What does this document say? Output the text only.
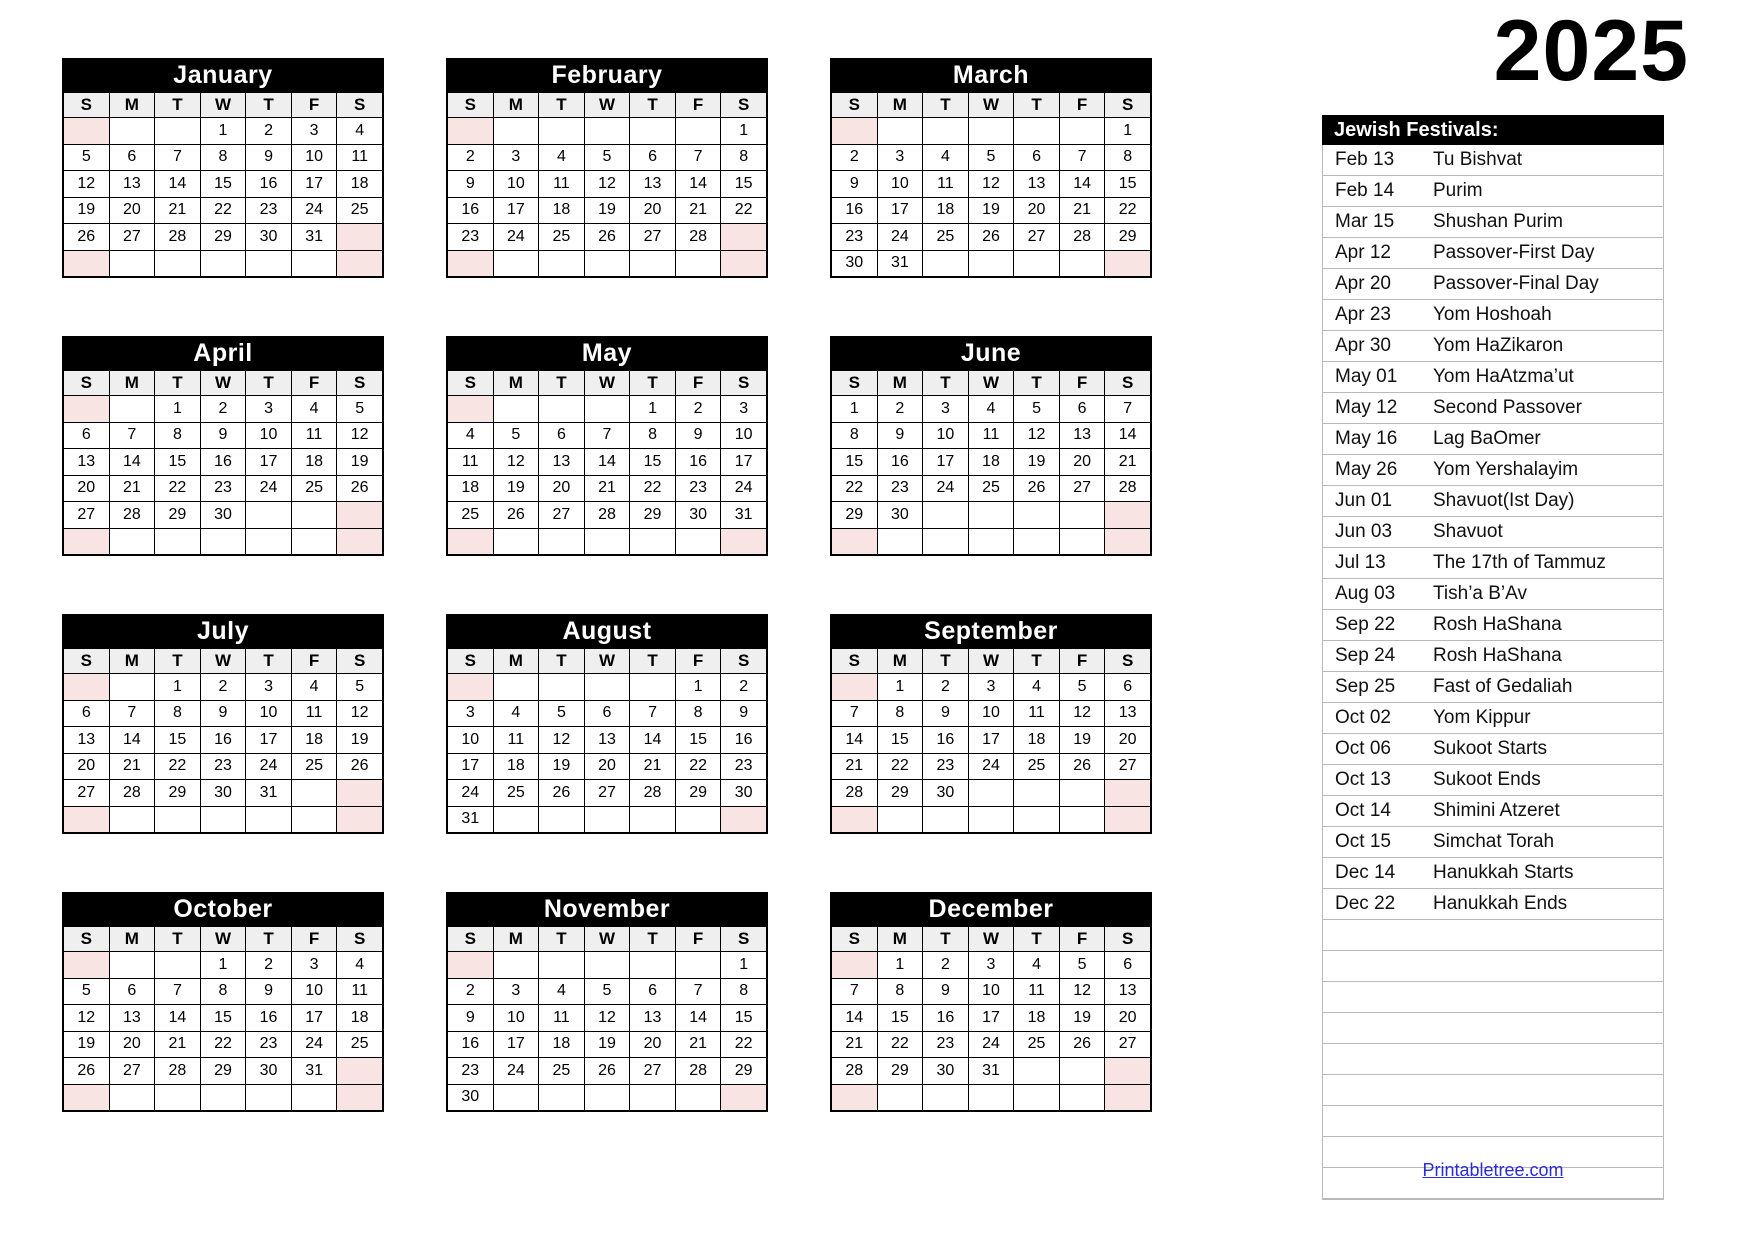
2025
January
S	M	T	W	T	F	S
			1	2	3	4
5	6	7	8	9	10	11
12	13	14	15	16	17	18
19	20	21	22	23	24	25
26	27	28	29	30	31	

February
S	M	T	W	T	F	S
						1
2	3	4	5	6	7	8
9	10	11	12	13	14	15
16	17	18	19	20	21	22
23	24	25	26	27	28	

March
S	M	T	W	T	F	S
						1
2	3	4	5	6	7	8
9	10	11	12	13	14	15
16	17	18	19	20	21	22
23	24	25	26	27	28	29
30	31					
April
S	M	T	W	T	F	S
		1	2	3	4	5
6	7	8	9	10	11	12
13	14	15	16	17	18	19
20	21	22	23	24	25	26
27	28	29	30			

May
S	M	T	W	T	F	S
				1	2	3
4	5	6	7	8	9	10
11	12	13	14	15	16	17
18	19	20	21	22	23	24
25	26	27	28	29	30	31

June
S	M	T	W	T	F	S
1	2	3	4	5	6	7
8	9	10	11	12	13	14
15	16	17	18	19	20	21
22	23	24	25	26	27	28
29	30					

July
S	M	T	W	T	F	S
		1	2	3	4	5
6	7	8	9	10	11	12
13	14	15	16	17	18	19
20	21	22	23	24	25	26
27	28	29	30	31		

August
S	M	T	W	T	F	S
					1	2
3	4	5	6	7	8	9
10	11	12	13	14	15	16
17	18	19	20	21	22	23
24	25	26	27	28	29	30
31						
September
S	M	T	W	T	F	S
	1	2	3	4	5	6
7	8	9	10	11	12	13
14	15	16	17	18	19	20
21	22	23	24	25	26	27
28	29	30				

October
S	M	T	W	T	F	S
			1	2	3	4
5	6	7	8	9	10	11
12	13	14	15	16	17	18
19	20	21	22	23	24	25
26	27	28	29	30	31	

November
S	M	T	W	T	F	S
						1
2	3	4	5	6	7	8
9	10	11	12	13	14	15
16	17	18	19	20	21	22
23	24	25	26	27	28	29
30						
December
S	M	T	W	T	F	S
	1	2	3	4	5	6
7	8	9	10	11	12	13
14	15	16	17	18	19	20
21	22	23	24	25	26	27
28	29	30	31			

Jewish Festivals:
Feb 13	Tu Bishvat
Feb 14	Purim
Mar 15	Shushan Purim
Apr 12	Passover-First Day
Apr 20	Passover-Final Day
Apr 23	Yom Hoshoah
Apr 30	Yom HaZikaron
May 01	Yom HaAtzma’ut
May 12	Second Passover
May 16	Lag BaOmer
May 26	Yom Yershalayim
Jun 01	Shavuot(Ist Day)
Jun 03	Shavuot
Jul 13	The 17th of Tammuz
Aug 03	Tish’a B’Av
Sep 22	Rosh HaShana
Sep 24	Rosh HaShana
Sep 25	Fast of Gedaliah
Oct 02	Yom Kippur
Oct 06	Sukoot Starts
Oct 13	Sukoot Ends
Oct 14	Shimini Atzeret
Oct 15	Simchat Torah
Dec 14	Hanukkah Starts
Dec 22	Hanukkah Ends

Printabletree.com
